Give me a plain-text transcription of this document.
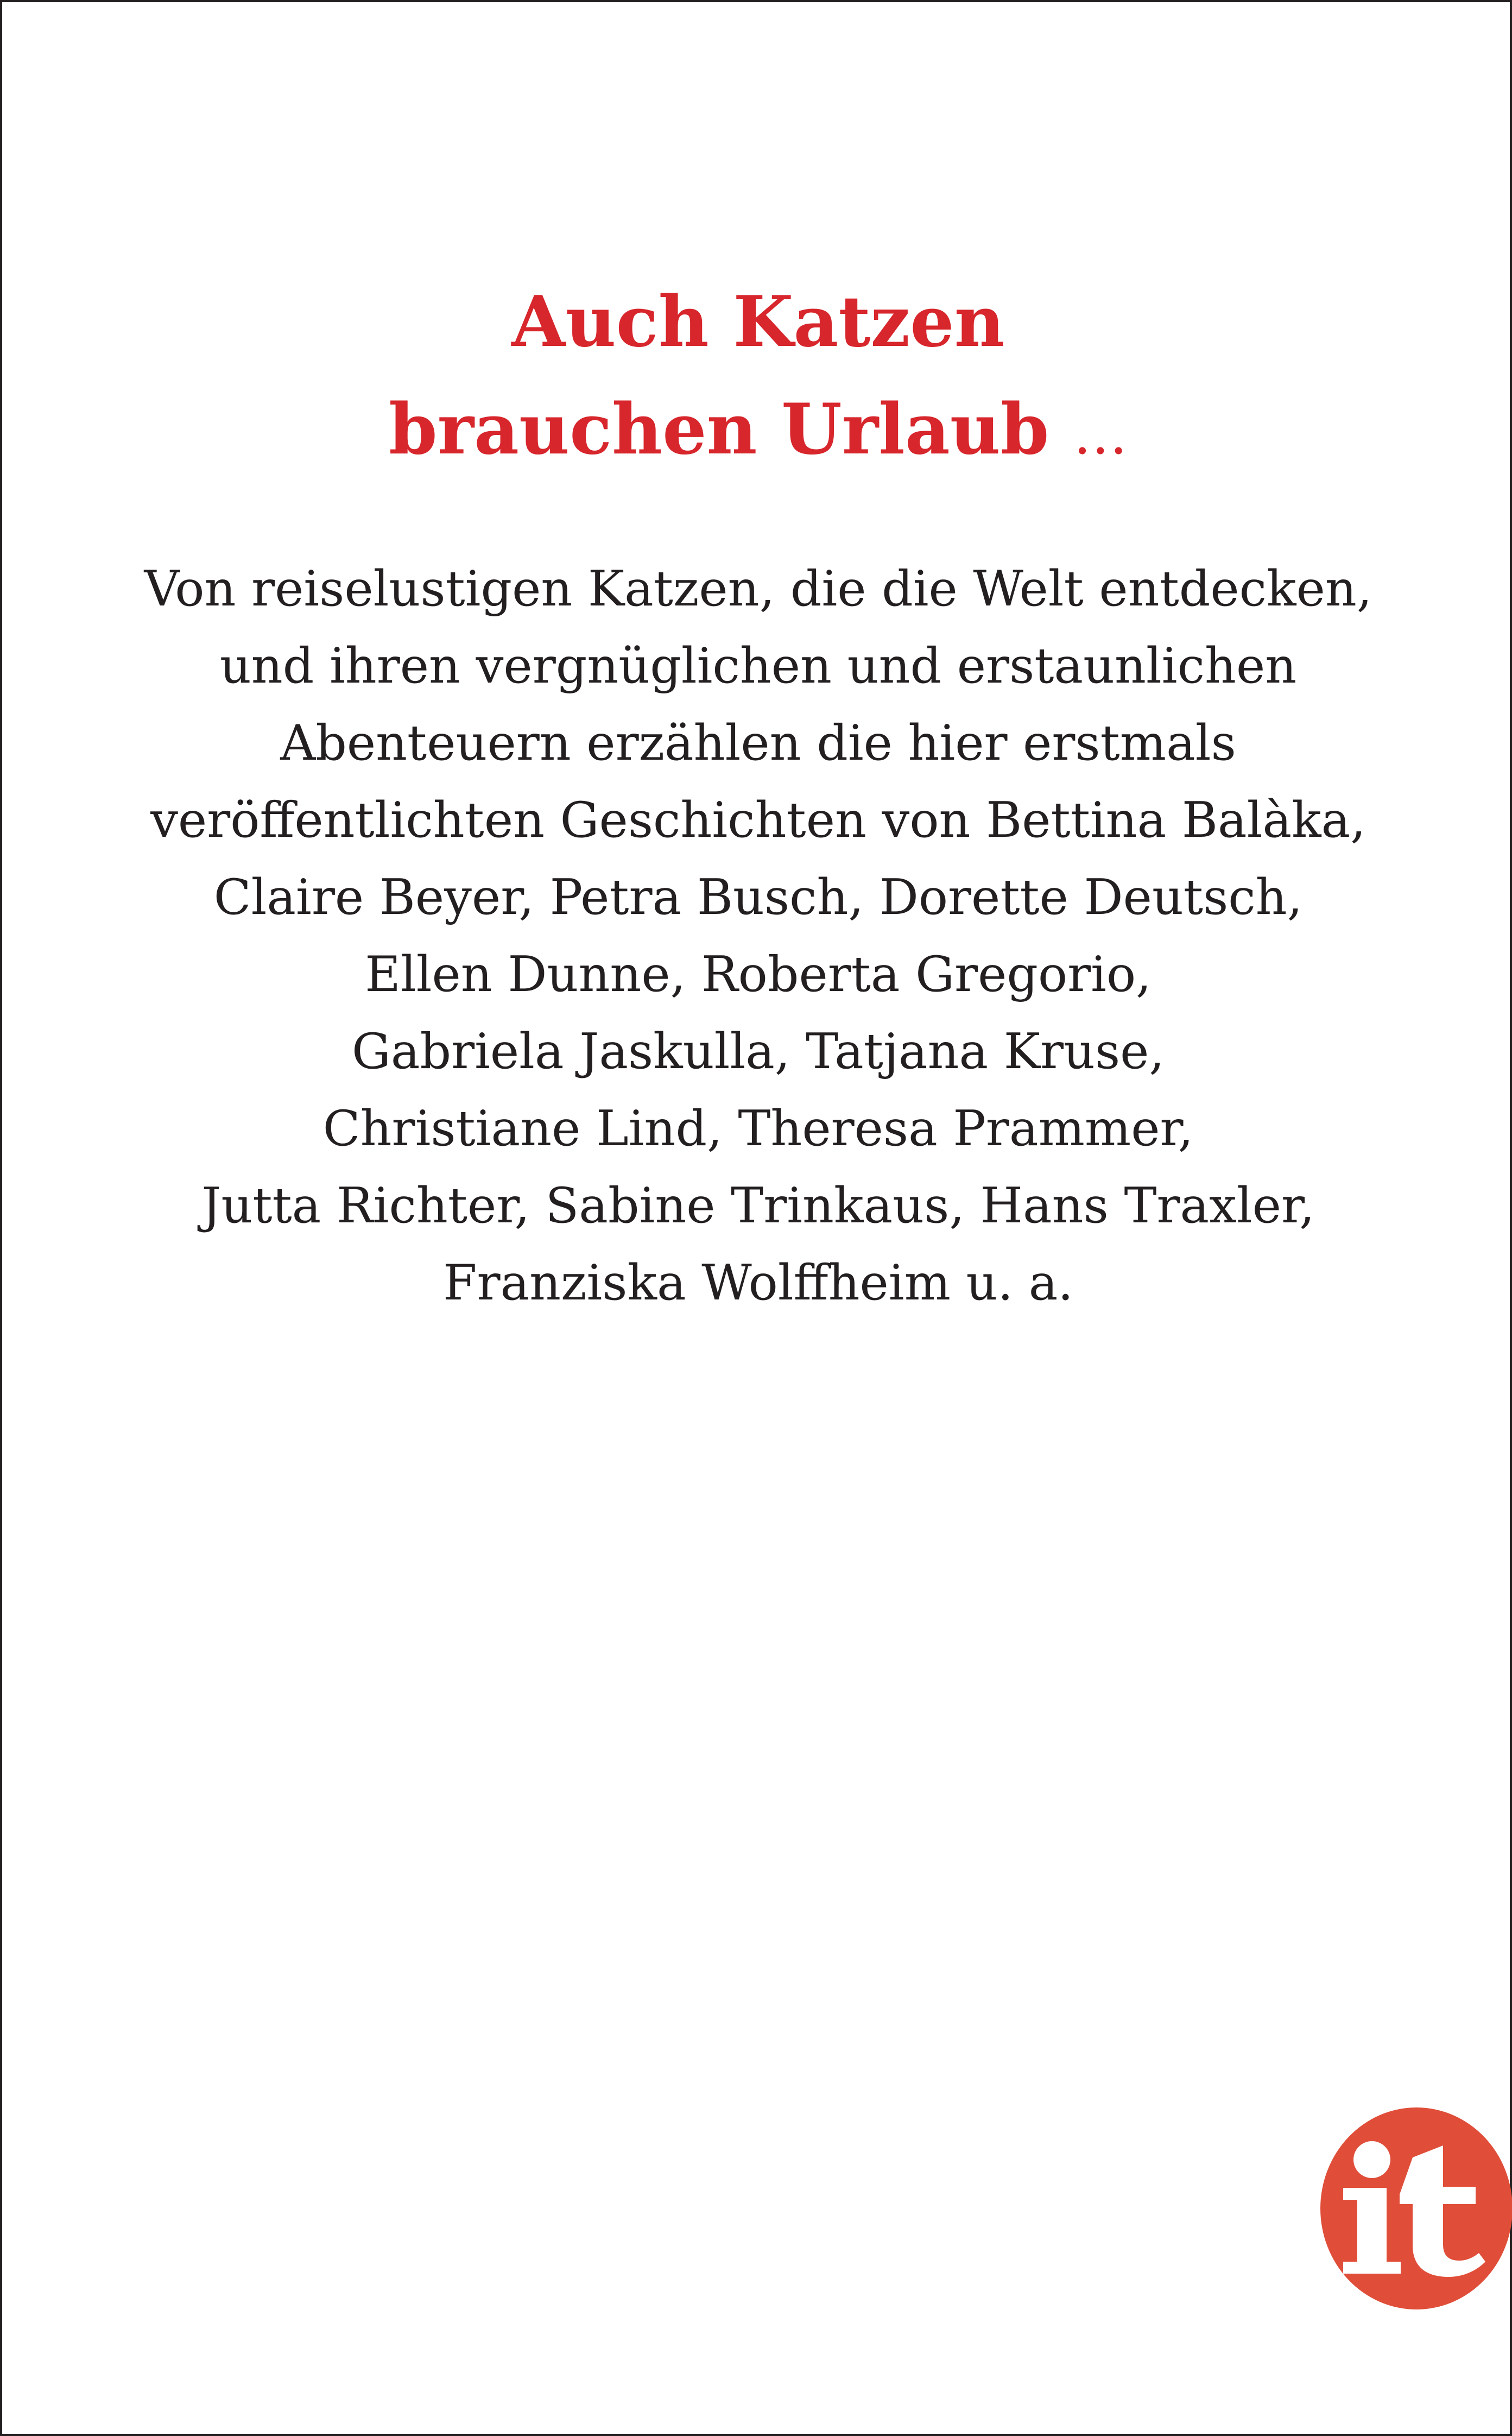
Auch Katzen
brauchen Urlaub …
Von reiselustigen Katzen, die die Welt entdecken,
und ihren vergnüglichen und erstaunlichen
Abenteuern erzählen die hier erstmals
veröffentlichten Geschichten von Bettina Balàka,
Claire Beyer, Petra Busch, Dorette Deutsch,
Ellen Dunne, Roberta Gregorio,
Gabriela Jaskulla, Tatjana Kruse,
Christiane Lind, Theresa Prammer,
Jutta Richter, Sabine Trinkaus, Hans Traxler,
Franziska Wolffheim u. a.
